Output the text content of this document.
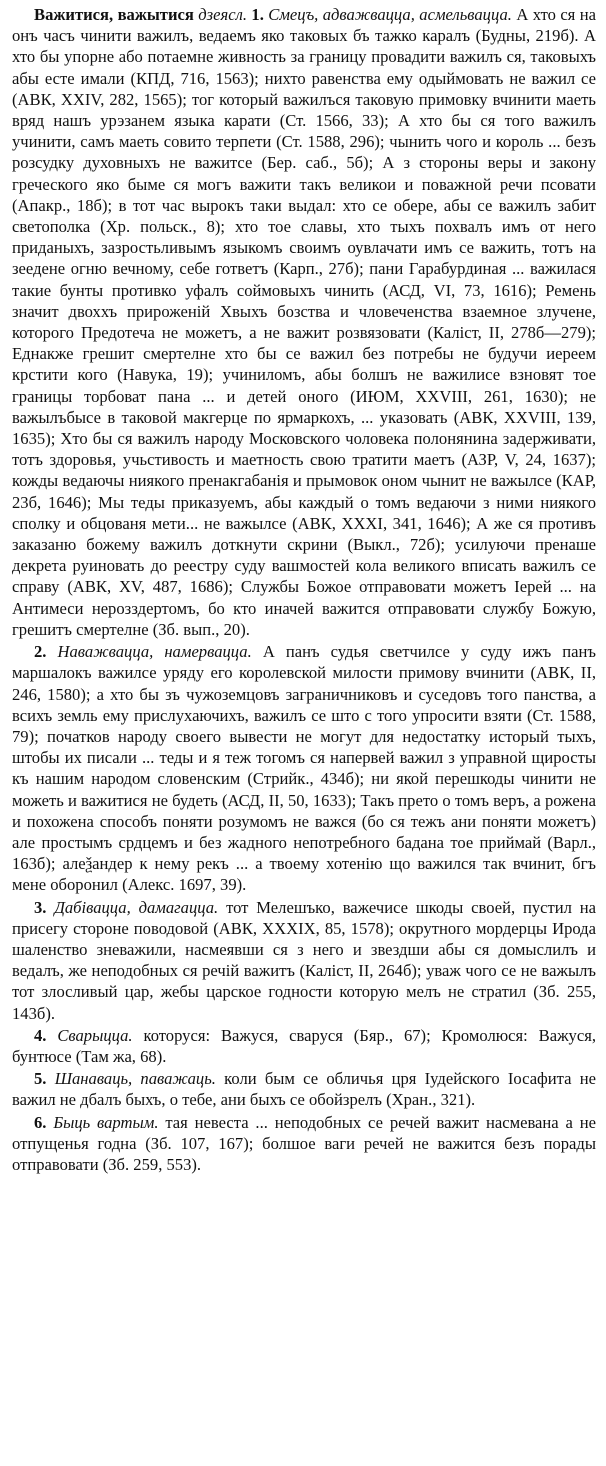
Важитися, важытися дзеясл. 1. Смецъ, адважвацца, асмельвацца. А хто ся на онъ часъ чинити важилъ, ведаемъ яко таковых бъ тажко каралъ (Будны, 219б). А хто бы упорне або потаемне живность за границу провадити важилъ ся, таковыхъ абы есте имали (КПД, 716, 1563); нихто равенства ему одыймовать не важил се (АВК, XXIV, 282, 1565); тог который важилъся таковую примовку вчинити маеть вряд нашъ урэзанем языка карати (Ст. 1566, 33); А хто бы ся того важилъ учинити, самъ маеть совито терпети (Ст. 1588, 296); чынить чого и король ... безъ розсудку духовныхъ не важитсе (Бер. саб., 5б); А з стороны веры и закону греческого яко быме ся могъ важити такъ великои и поважной речи псовати (Апакр., 18б); в тот час вырокъ таки выдал: хто се оберe, абы се важилъ забит светополка (Хр. польск., 8); хто тое славы, хто тыхъ похвалъ имъ от него приданыхъ, зазростьливымъ языкомъ своимъ оувлачати имъ се важить, тотъ на зеедене огню вечному, себе гответъ (Карп., 27б); пани Гарабурдиная ... важилася такие бунты противко уфалъ соймовыхъ чинить (АСД, VI, 73, 1616); Ремень значит двоххъ прироженій Хвыхъ бозства и чловеченства взаемное злучене, которого Предотеча не можетъ, а не важит розвязовати (Каліст, II, 278б—279); Еднакже грешит смертелне хто бы се важил без потребы не будучи иереем крстити кого (Навука, 19); учиниломъ, абы болшъ не важилисе взновят тое границы торбоват пана ... и детей оного (ИЮМ, XXVIII, 261, 1630); не важылъбысе в таковой макгерце по ярмаркохъ, ... указовать (АВК, XXVIII, 139, 1635); Хто бы ся важилъ народу Московского чоловека полонянина задерживати, тотъ здоровья, учьстивость и маетность свою тратити маетъ (АЗР, V, 24, 1637); кожды ведаючы ниякого пренакгабанія и прымовок оном чынит не важылсе (КАР, 23б, 1646); Мы теды приказуемъ, абы каждый о томъ ведаючи з ними ниякого сполку и обцованя мети... не важылсе (АВК, XXXI, 341, 1646); А же ся противъ заказаню божему важилъ доткнути скрини (Выкл., 72б); усилуючи пренаше декрета руиновать до реестру суду вашмостей кола великого вписать важилъ се справу (АВК, XV, 487, 1686); Службы Божое отправовати можетъ Іерей ... на Антимеси нерозздертомъ, бо кто иначей важится отправовати службу Божую, грешитъ смертелне (Зб. вып., 20).

2. Наважвацца, намервацца. А панъ судья светчилсе у суду ижъ панъ маршалокъ важилсе уряду его королевской милости примову вчинити (АВК, II, 246, 1580); а хто бы зъ чужоземцовъ заграничниковъ и суседовъ того панства, а всихъ земль ему прислухаючихъ, важилъ се што с того упросити взяти (Ст. 1588, 79); початков народу своего вывести не могут для недостатку исторый тыхъ, штобы их писали ... теды и я теж тогомъ ся напервей важил з управной щиросты къ нашим народом словенским (Стрийк., 434б); ни якой перешкоды чинити не можеть и важитися не будеть (АСД, II, 50, 1633); Такъ прето о томъ веръ, а рожена и похожена способъ поняти розумомъ не важся (бо ся тежъ ани поняти можетъ) але простымъ срдцемъ и без жадного непотребного бадана тое приймай (Варл., 163б); алеѯандер к нему рекъ ... а твоему хотенію що важился так вчинит, бгъ мене оборонил (Алекс. 1697, 39).

3. Дабівацца, дамагацца. тот Мелешъко, важечисе шкоды своей, пустил на присегу стороне поводовой (АВК, XXXIX, 85, 1578); окрутного мордерцы Ирода шаленство зневажили, насмеявши ся з него и звездши абы ся домыслилъ и ведалъ, же неподобных ся речій важитъ (Каліст, II, 264б); уваж чого се не важылъ тот злосливый цар, жебы царское годности которую мелъ не стратил (Зб. 255, 143б).

4. Сварыцца. которуся: Важуся, сваруся (Бяр., 67); Кромолюся: Важуся, бунтюсе (Там жа, 68).

5. Шанаваць, паважаць. коли бым се обличья цря Іудейского Іосафита не важил не дбалъ быхъ, о тебе, ани быхъ се обойзрелъ (Хран., 321).

6. Быць вартым. тая невеста ... неподобных се речей важит насмевана а не отпущенья годна (Зб. 107, 167); болшое ваги речей не важится безъ порады отправовати (Зб. 259, 553).
